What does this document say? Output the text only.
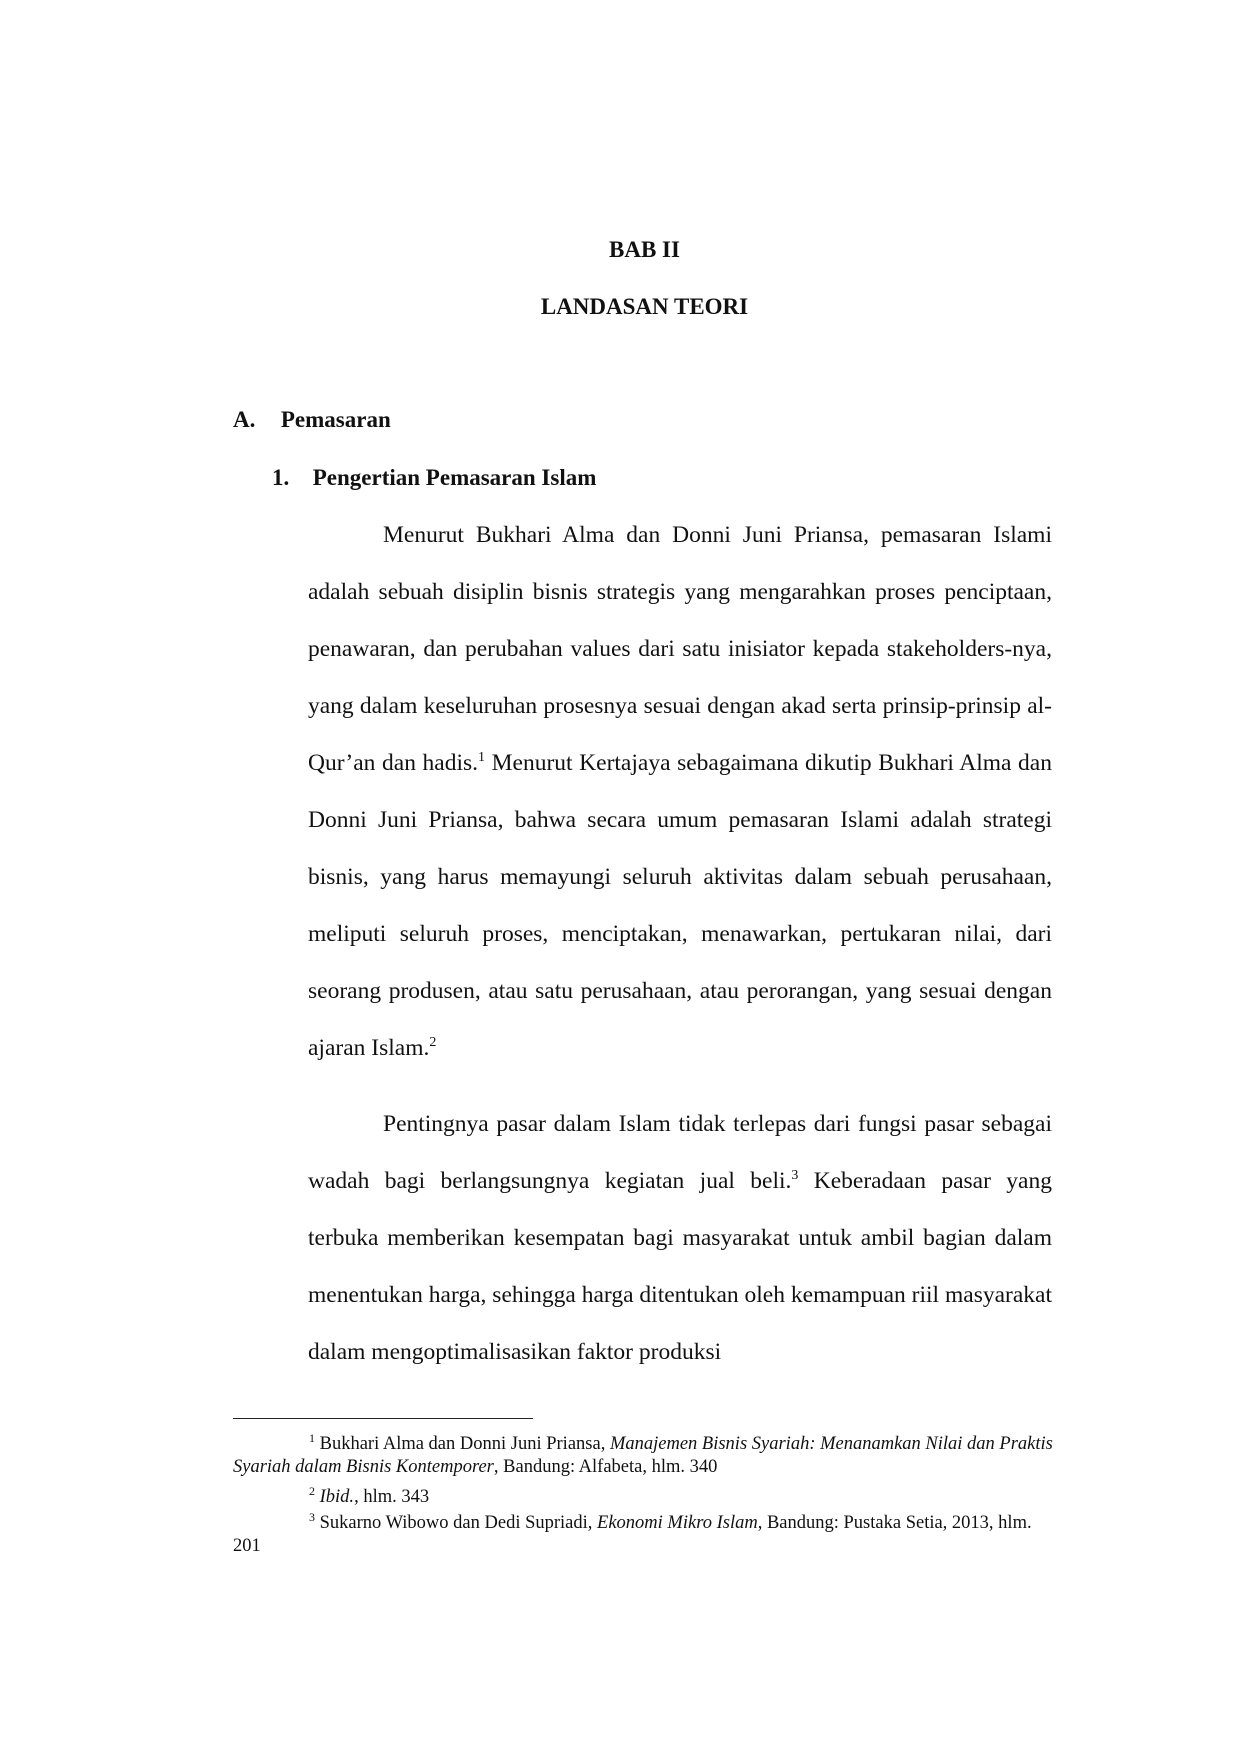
BAB II
LANDASAN TEORI
A. Pemasaran
1. Pengertian Pemasaran Islam
Menurut Bukhari Alma dan Donni Juni Priansa, pemasaran Islami adalah sebuah disiplin bisnis strategis yang mengarahkan proses penciptaan, penawaran, dan perubahan values dari satu inisiator kepada stakeholders-nya, yang dalam keseluruhan prosesnya sesuai dengan akad serta prinsip-prinsip al-Qur’an dan hadis.$^1$ Menurut Kertajaya sebagaimana dikutip Bukhari Alma dan Donni Juni Priansa, bahwa secara umum pemasaran Islami adalah strategi bisnis, yang harus memayungi seluruh aktivitas dalam sebuah perusahaan, meliputi seluruh proses, menciptakan, menawarkan, pertukaran nilai, dari seorang produsen, atau satu perusahaan, atau perorangan, yang sesuai dengan ajaran Islam.$^2$
Pentingnya pasar dalam Islam tidak terlepas dari fungsi pasar sebagai wadah bagi berlangsungnya kegiatan jual beli.$^3$ Keberadaan pasar yang terbuka memberikan kesempatan bagi masyarakat untuk ambil bagian dalam menentukan harga, sehingga harga ditentukan oleh kemampuan riil masyarakat dalam mengoptimalisasikan faktor produksi
$^1$ Bukhari Alma dan Donni Juni Priansa, Manajemen Bisnis Syariah: Menanamkan Nilai dan Praktis Syariah dalam Bisnis Kontemporer, Bandung: Alfabeta, hlm. 340
$^2$ Ibid., hlm. 343
$^3$ Sukarno Wibowo dan Dedi Supriadi, Ekonomi Mikro Islam, Bandung: Pustaka Setia, 2013, hlm. 201
